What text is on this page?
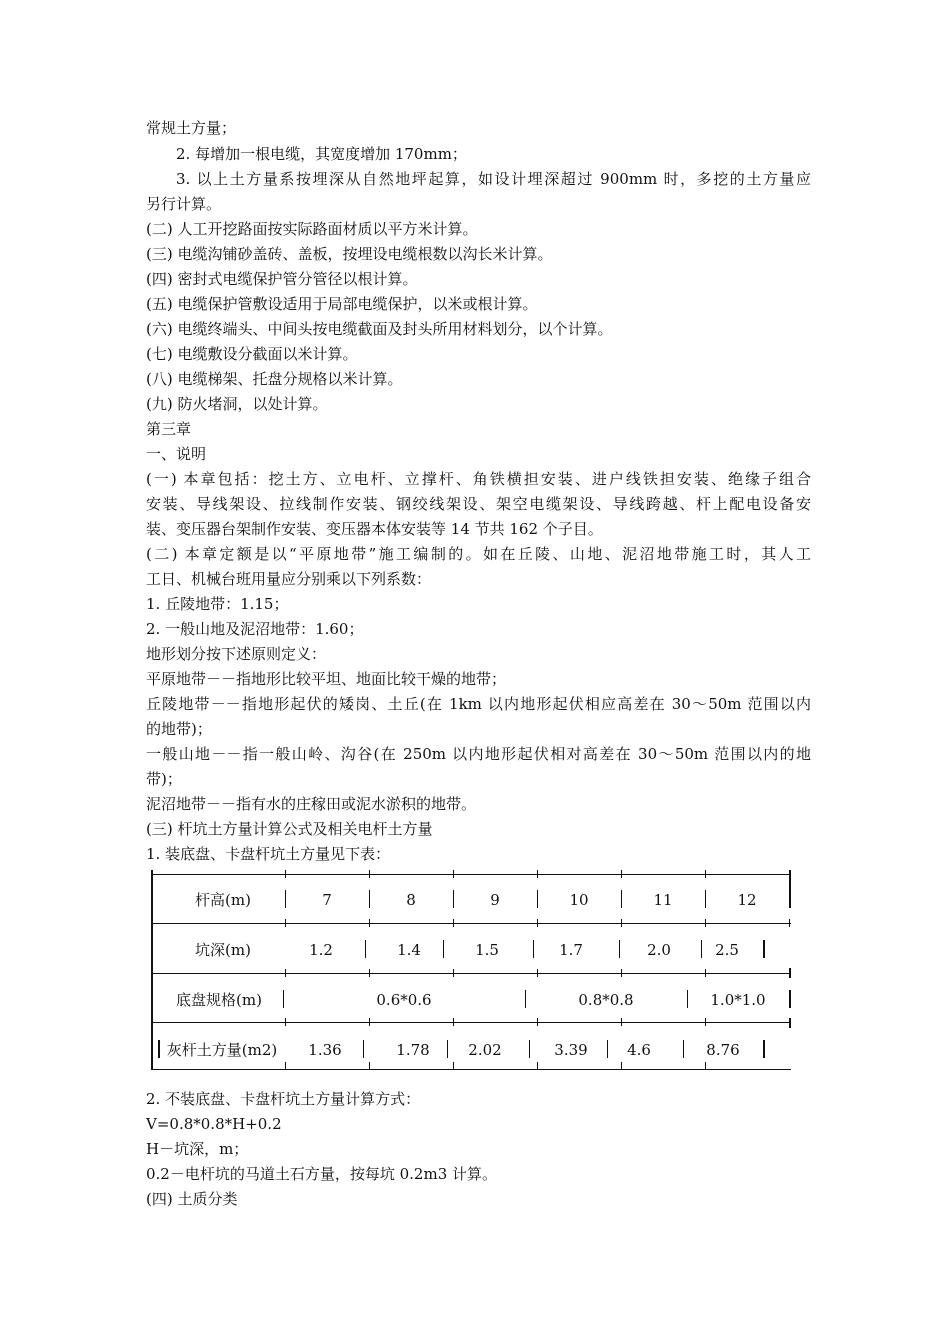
常规土方量；
2. 每增加一根电缆，其宽度增加 170mm；
3. 以上土方量系按埋深从自然地坪起算，如设计埋深超过 900mm 时，多挖的土方量应
另行计算。
(二) 人工开挖路面按实际路面材质以平方米计算。
(三) 电缆沟铺砂盖砖、盖板，按埋设电缆根数以沟长米计算。
(四) 密封式电缆保护管分管径以根计算。
(五) 电缆保护管敷设适用于局部电缆保护，以米或根计算。
(六) 电缆终端头、中间头按电缆截面及封头所用材料划分，以个计算。
(七) 电缆敷设分截面以米计算。
(八) 电缆梯架、托盘分规格以米计算。
(九) 防火堵洞，以处计算。
第三章
一、说明
(一) 本章包括：挖土方、立电杆、立撑杆、角铁横担安装、进户线铁担安装、绝缘子组合
安装、导线架设、拉线制作安装、钢绞线架设、架空电缆架设、导线跨越、杆上配电设备安
装、变压器台架制作安装、变压器本体安装等 14 节共 162 个子目。
(二) 本章定额是以“平原地带”施工编制的。如在丘陵、山地、泥沼地带施工时，其人工
工日、机械台班用量应分别乘以下列系数：
1. 丘陵地带：1.15；
2. 一般山地及泥沼地带：1.60；
地形划分按下述原则定义：
平原地带－－指地形比较平坦、地面比较干燥的地带；
丘陵地带－－指地形起伏的矮岗、土丘(在 1km 以内地形起伏相应高差在 30～50m 范围以内
的地带)；
一般山地－－指一般山岭、沟谷(在 250m 以内地形起伏相对高差在 30～50m 范围以内的地
带)；
泥沼地带－－指有水的庄稼田或泥水淤积的地带。
(三) 杆坑土方量计算公式及相关电杆土方量
1. 装底盘、卡盘杆坑土方量见下表：
杆高(m)	7	8	9	10	11	12
坑深(m)	1.2	1.4	1.5	1.7	2.0	2.5
底盘规格(m)	0.6*0.6	0.8*0.8	1.0*1.0
灰杆土方量(m2)	1.36	1.78	2.02	3.39	4.6	8.76
2. 不装底盘、卡盘杆坑土方量计算方式：
V=0.8*0.8*H+0.2
H－坑深，m；
0.2－电杆坑的马道土石方量，按每坑 0.2m3 计算。
(四) 土质分类
